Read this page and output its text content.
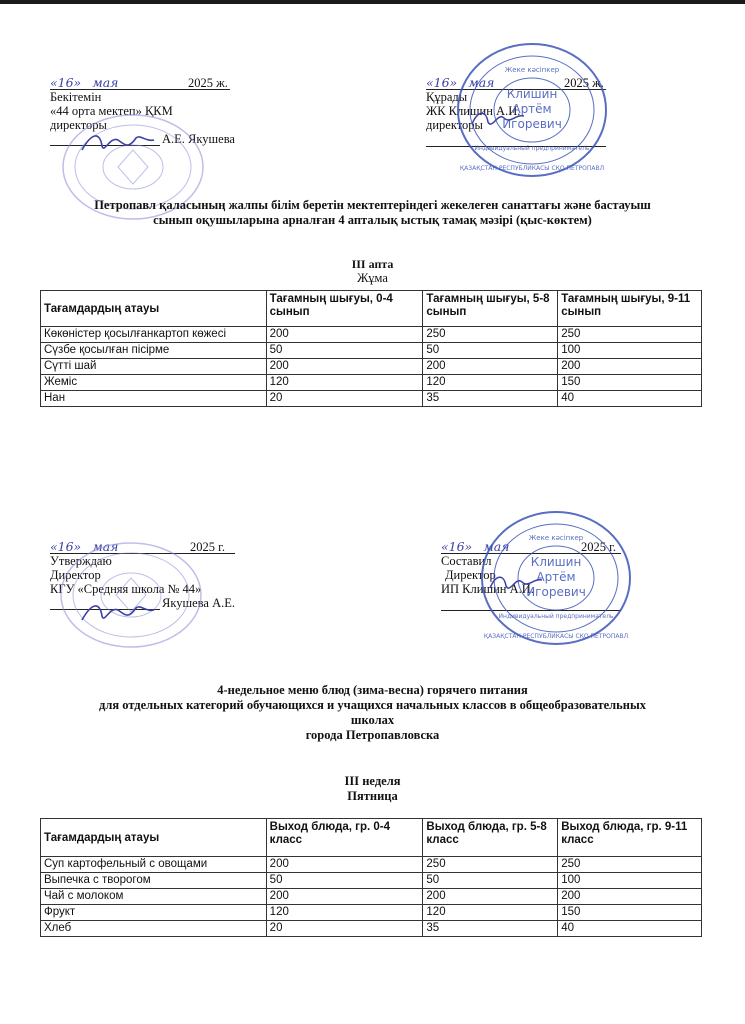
«16» мая	2025 ж.
Бекітемін
«44 орта мектеп» ҚКМ
директоры
А.Е. Якушева
«16» мая	2025 ж.
Құрады
ЖК Клишин А.И.
директоры
Жеке кәсіпкер
Клишин
Артём
Игоревич
Индивидуальный предприниматель
ҚАЗАҚСТАН РЕСПУБЛИКАСЫ СҚО ПЕТРОПАВЛ
Петропавл қаласының жалпы білім беретін мектептеріндегі жекелеген санаттағы және бастауыш
сынып оқушыларына арналған 4 апталық ыстық тамақ мәзірі (қыс-көктем)
III апта
Жұма
Тағамдардың атауы	Тағамның шығуы, 0-4 сынып	Тағамның шығуы, 5-8 сынып	Тағамның шығуы, 9-11 сынып
Көкөністер қосылғанкартоп көжесі	200	250	250
Сүзбе қосылған пісірме	50	50	100
Сүтті шай	200	200	200
Жеміс	120	120	150
Нан	20	35	40
«16» мая	2025 г.
Утверждаю
Директор
КГУ «Средняя школа № 44»
Якушева А.Е.
«16» мая	2025 г.
Составил
Директор
ИП Клишин А.И.
Жеке кәсіпкер
Клишин
Артём
Игоревич
Индивидуальный предприниматель
ҚАЗАҚСТАН РЕСПУБЛИКАСЫ СҚО ПЕТРОПАВЛ
4-недельное меню блюд (зима-весна) горячего питания
для отдельных категорий обучающихся и учащихся начальных классов в общеобразовательных
школах
города Петропавловска
III неделя
Пятница
Тағамдардың атауы	Выход блюда, гр. 0-4 класс	Выход блюда, гр. 5-8 класс	Выход блюда, гр. 9-11 класс
Суп картофельный с овощами	200	250	250
Выпечка с творогом	50	50	100
Чай с молоком	200	200	200
Фрукт	120	120	150
Хлеб	20	35	40
